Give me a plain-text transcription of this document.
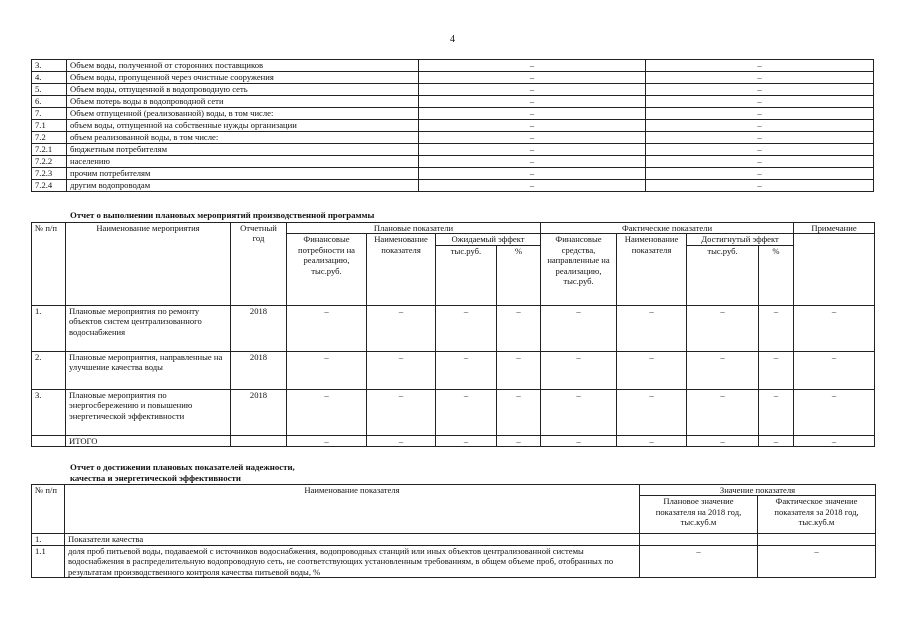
4
3.	Объем воды, полученной от сторонних поставщиков	–	–
4.	Объем воды, пропущенной через очистные сооружения	–	–
5.	Объем воды, отпущенной в водопроводную сеть	–	–
6.	Объем потерь воды в водопроводной сети	–	–
7.	Объем отпущенной (реализованной) воды, в том числе:	–	–
7.1	объем воды, отпущенной на собственные нужды организации	–	–
7.2	объем реализованной воды, в том числе:	–	–
7.2.1	бюджетным потребителям	–	–
7.2.2	населению	–	–
7.2.3	прочим потребителям	–	–
7.2.4	другим водопроводам	–	–
Отчет о выполнении плановых мероприятий производственной программы
№ п/п	Наименование мероприятия	Отчетный год	Плановые показатели				Фактические показатели				Примечание
			Финансовые потребности на реализацию, тыс.руб.	Наименование показателя	Ожидаемый эффект		Финансовые средства, направленные на реализацию, тыс.руб.	Наименование показателя	Достигнутый эффект		
					тыс.руб.	%			тыс.руб.	%	
1.	Плановые мероприятия по ремонту объектов систем централизованного водоснабжения	2018	–	–	–	–	–	–	–	–	–
2.	Плановые мероприятия, направленные на улучшение качества воды	2018	–	–	–	–	–	–	–	–	–
3.	Плановые мероприятия по энергосбережению и повышению энергетической эффективности	2018	–	–	–	–	–	–	–	–	–
	ИТОГО		–	–	–	–	–	–	–	–	–
Отчет о достижении плановых показателей надежности,
качества и энергетической эффективности
№ п/п	Наименование показателя	Значение показателя	
		Плановое значение показателя на 2018 год, тыс.куб.м	Фактическое значение показателя за 2018 год, тыс.куб.м
1.	Показатели качества		
1.1	доля проб питьевой воды, подаваемой с источников водоснабжения, водопроводных станций или иных объектов централизованной системы водоснабжения в распределительную водопроводную сеть, не соответствующих установленным требованиям, в общем объеме проб, отобранных по результатам производственного контроля качества питьевой воды, %	–	–
